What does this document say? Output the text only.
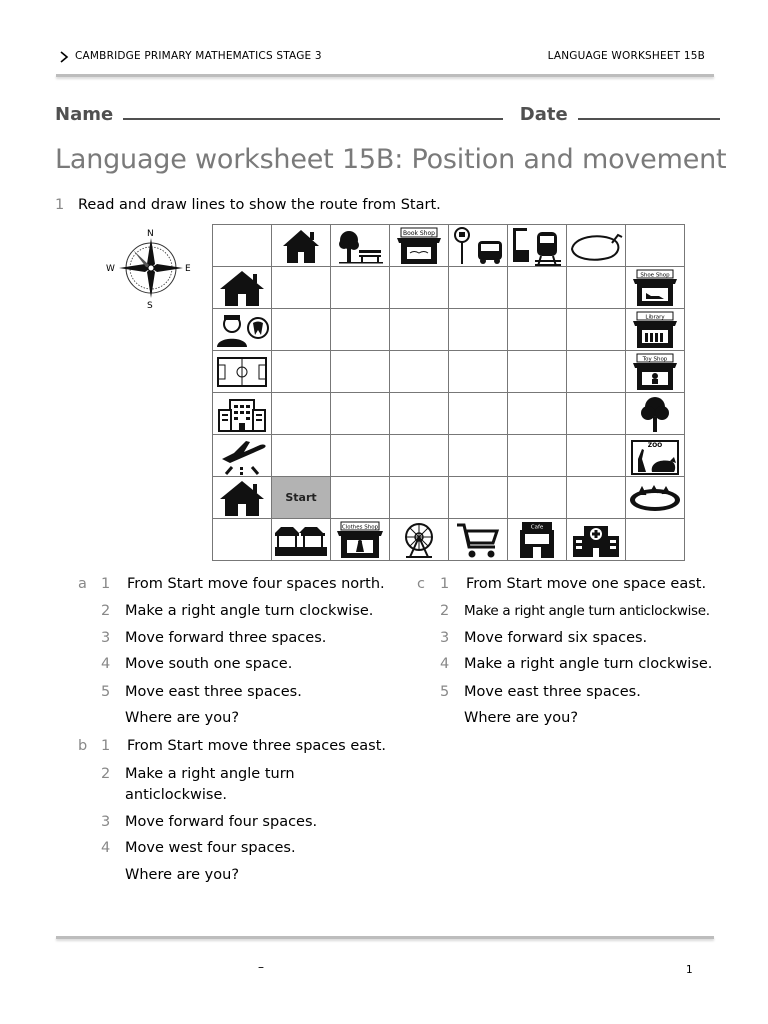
CAMBRIDGE PRIMARY MATHEMATICS STAGE 3	LANGUAGE WORKSHEET 15B
Name	Date
Language worksheet 15B: Position and movement
1 Read and draw lines to show the route from Start.
N
S
W	E

Book Shop

Shoe Shop

Library

Toy Shop

ZOO

	Start						

Clothes Shop			Cafe

a 1 From Start move four spaces north.
2 Make a right angle turn clockwise.
3 Move forward three spaces.
4 Move south one space.
5 Move east three spaces.
Where are you?
b 1 From Start move three spaces east.
2 Make a right angle turn
anticlockwise.
3 Move forward four spaces.
4 Move west four spaces.
Where are you?
c 1 From Start move one space east.
2 Make a right angle turn anticlockwise.
3 Move forward six spaces.
4 Make a right angle turn clockwise.
5 Move east three spaces.
Where are you?
–	1
